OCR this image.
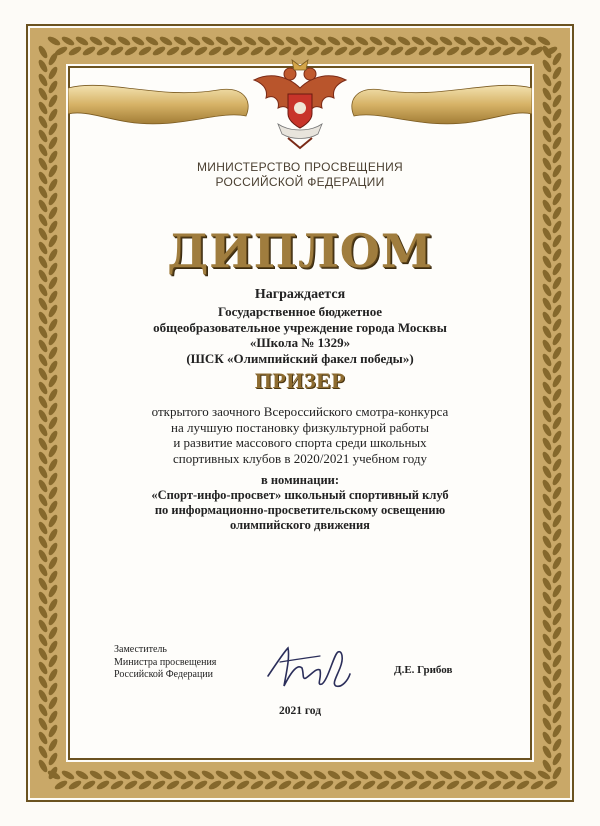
МИНИСТЕРСТВО ПРОСВЕЩЕНИЯ
РОССИЙСКОЙ ФЕДЕРАЦИИ
ДИПЛОМ
Награждается
Государственное бюджетное
общеобразовательное учреждение города Москвы
«Школа № 1329»
(ШСК «Олимпийский факел победы»)
ПРИЗЕР
открытого заочного Всероссийского смотра-конкурса
на лучшую постановку физкультурной работы
и развитие массового спорта среди школьных
спортивных клубов в 2020/2021 учебном году
в номинации:
«Спорт-инфо-просвет» школьный спортивный клуб
по информационно-просветительскому освещению
олимпийского движения
Заместитель
Министра просвещения
Российской Федерации	Д.Е. Грибов
2021 год
